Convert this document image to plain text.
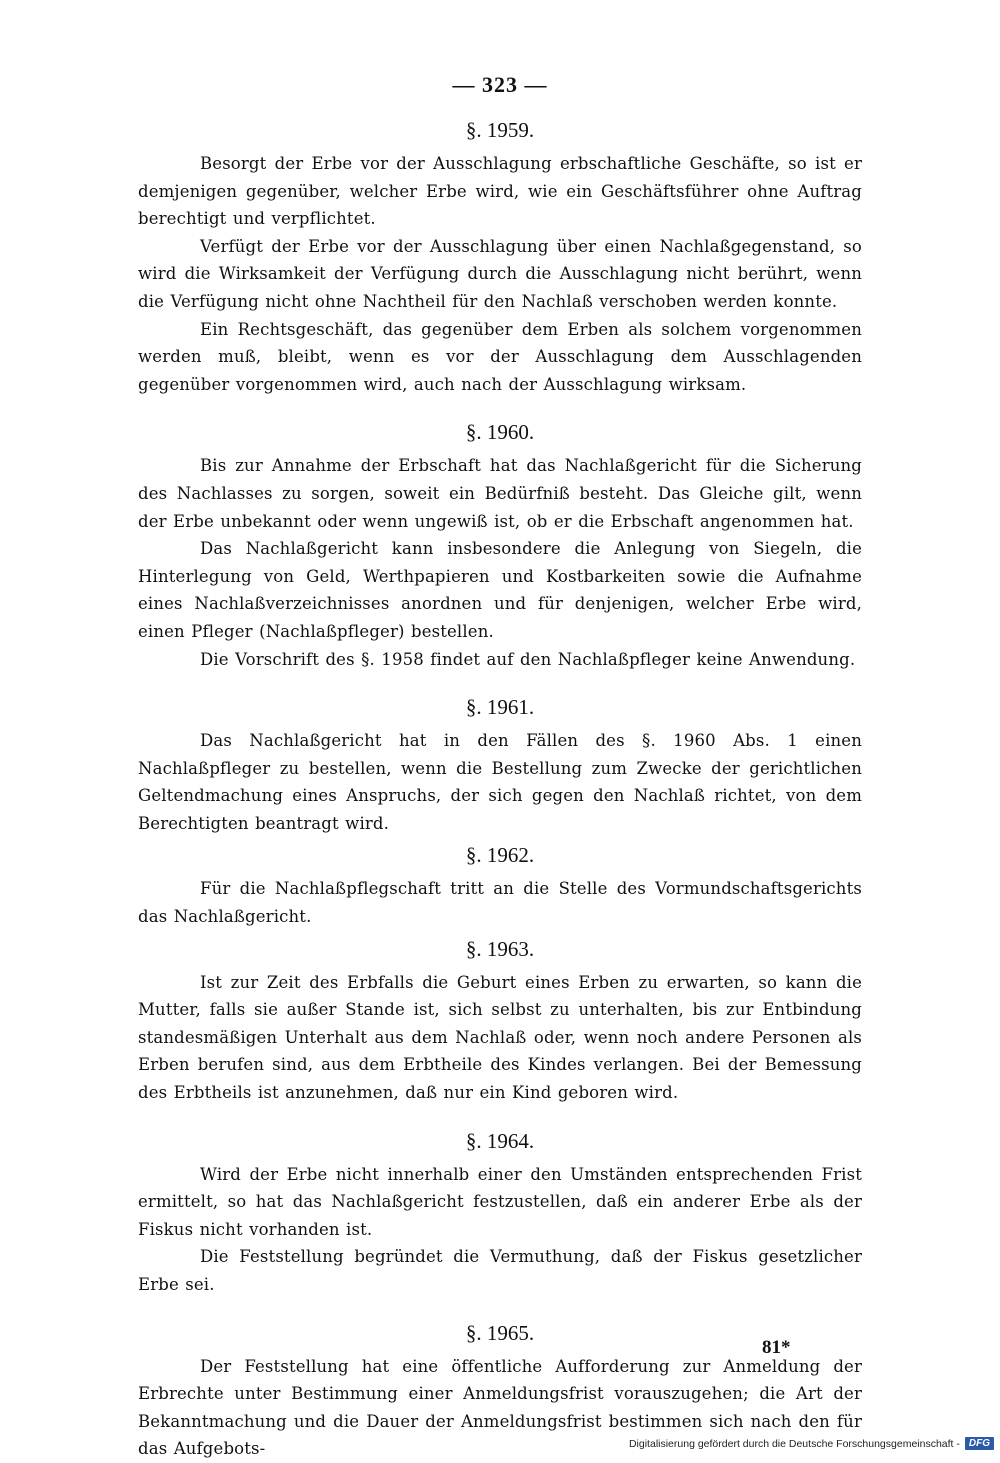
— 323 —
§. 1959.

Besorgt der Erbe vor der Ausschlagung erbschaftliche Geschäfte, so ist er demjenigen gegenüber, welcher Erbe wird, wie ein Geschäftsführer ohne Auftrag berechtigt und verpflichtet.

Verfügt der Erbe vor der Ausschlagung über einen Nachlaßgegenstand, so wird die Wirksamkeit der Verfügung durch die Ausschlagung nicht berührt, wenn die Verfügung nicht ohne Nachtheil für den Nachlaß verschoben werden konnte.

Ein Rechtsgeschäft, das gegenüber dem Erben als solchem vorgenommen werden muß, bleibt, wenn es vor der Ausschlagung dem Ausschlagenden gegenüber vorgenommen wird, auch nach der Ausschlagung wirksam.

§. 1960.

Bis zur Annahme der Erbschaft hat das Nachlaßgericht für die Sicherung des Nachlasses zu sorgen, soweit ein Bedürfniß besteht. Das Gleiche gilt, wenn der Erbe unbekannt oder wenn ungewiß ist, ob er die Erbschaft angenommen hat.

Das Nachlaßgericht kann insbesondere die Anlegung von Siegeln, die Hinterlegung von Geld, Werthpapieren und Kostbarkeiten sowie die Aufnahme eines Nachlaßverzeichnisses anordnen und für denjenigen, welcher Erbe wird, einen Pfleger (Nachlaßpfleger) bestellen.

Die Vorschrift des §. 1958 findet auf den Nachlaßpfleger keine Anwendung.

§. 1961.

Das Nachlaßgericht hat in den Fällen des §. 1960 Abs. 1 einen Nachlaßpfleger zu bestellen, wenn die Bestellung zum Zwecke der gerichtlichen Geltendmachung eines Anspruchs, der sich gegen den Nachlaß richtet, von dem Berechtigten beantragt wird.

§. 1962.

Für die Nachlaßpflegschaft tritt an die Stelle des Vormundschaftsgerichts das Nachlaßgericht.

§. 1963.

Ist zur Zeit des Erbfalls die Geburt eines Erben zu erwarten, so kann die Mutter, falls sie außer Stande ist, sich selbst zu unterhalten, bis zur Entbindung standesmäßigen Unterhalt aus dem Nachlaß oder, wenn noch andere Personen als Erben berufen sind, aus dem Erbtheile des Kindes verlangen. Bei der Bemessung des Erbtheils ist anzunehmen, daß nur ein Kind geboren wird.

§. 1964.

Wird der Erbe nicht innerhalb einer den Umständen entsprechenden Frist ermittelt, so hat das Nachlaßgericht festzustellen, daß ein anderer Erbe als der Fiskus nicht vorhanden ist.

Die Feststellung begründet die Vermuthung, daß der Fiskus gesetzlicher Erbe sei.

§. 1965.

Der Feststellung hat eine öffentliche Aufforderung zur Anmeldung der Erbrechte unter Bestimmung einer Anmeldungsfrist vorauszugehen; die Art der Bekanntmachung und die Dauer der Anmeldungsfrist bestimmen sich nach den für das Aufgebots-

81*
Digitalisierung gefördert durch die Deutsche Forschungsgemeinschaft - DFG
